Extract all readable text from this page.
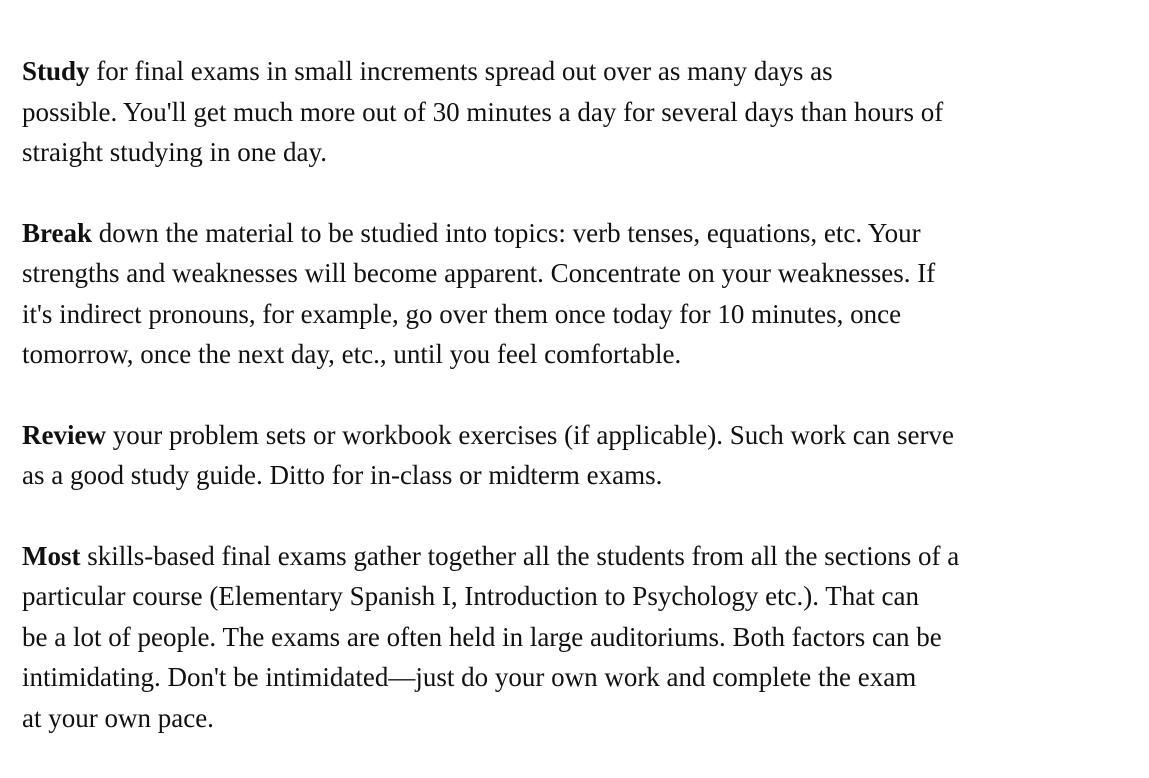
Study for final exams in small increments spread out over as many days as
possible. You'll get much more out of 30 minutes a day for several days than hours of
straight studying in one day.

Break down the material to be studied into topics: verb tenses, equations, etc. Your
strengths and weaknesses will become apparent. Concentrate on your weaknesses. If
it's indirect pronouns, for example, go over them once today for 10 minutes, once
tomorrow, once the next day, etc., until you feel comfortable.

Review your problem sets or workbook exercises (if applicable). Such work can serve
as a good study guide. Ditto for in-class or midterm exams.

Most skills-based final exams gather together all the students from all the sections of a
particular course (Elementary Spanish I, Introduction to Psychology etc.). That can
be a lot of people. The exams are often held in large auditoriums. Both factors can be
intimidating. Don't be intimidated—just do your own work and complete the exam
at your own pace.
